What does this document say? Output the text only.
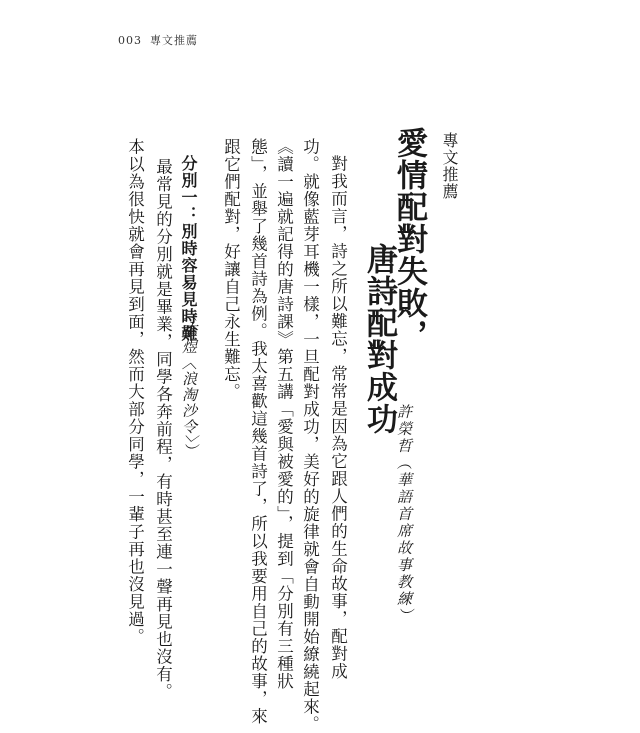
003 專文推薦
專文推薦
愛情配對失敗，
唐詩配對成功
許榮哲（華語首席故事教練）
對我而言，詩之所以難忘，常常是因為它跟人們的生命故事，配對成
功。就像藍芽耳機一樣，一旦配對成功，美好的旋律就會自動開始繚繞起來。
《讀一遍就記得的唐詩課》第五講「愛與被愛的」，提到「分別有三種狀
態」，並舉了幾首詩為例。我太喜歡這幾首詩了，所以我要用自己的故事，來
跟它們配對，好讓自己永生難忘。
分別一：別時容易見時難
（李煜〈浪淘沙令〉）
最常見的分別就是畢業，同學各奔前程，有時甚至連一聲再見也沒有。
本以為很快就會再見到面，然而大部分同學，一輩子再也沒見過。
